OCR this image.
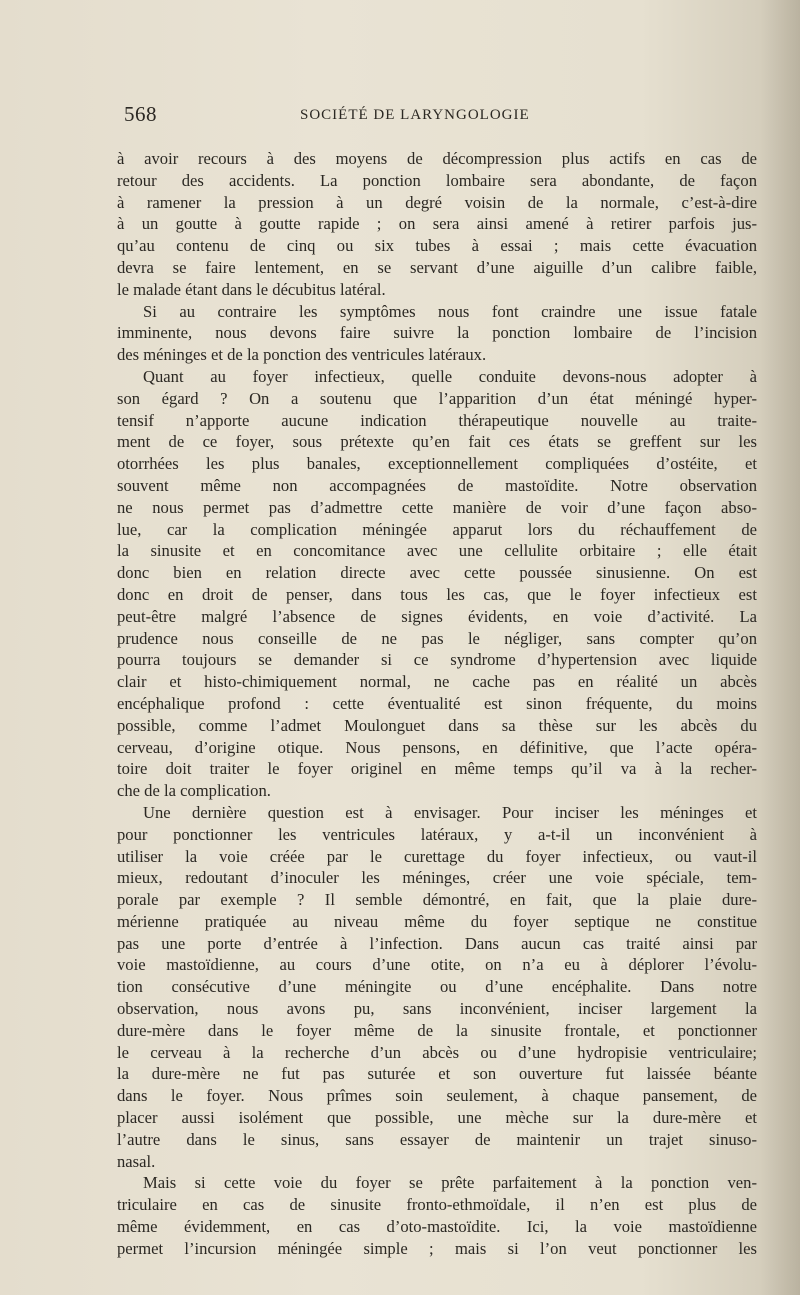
568	SOCIÉTÉ DE LARYNGOLOGIE
à avoir recours à des moyens de décompression plus actifs en cas de
retour des accidents. La ponction lombaire sera abondante, de façon
à ramener la pression à un degré voisin de la normale, c’est-à-dire
à un goutte à goutte rapide ; on sera ainsi amené à retirer parfois jus-
qu’au contenu de cinq ou six tubes à essai ; mais cette évacuation
devra se faire lentement, en se servant d’une aiguille d’un calibre faible,
le malade étant dans le décubitus latéral.
Si au contraire les symptômes nous font craindre une issue fatale
imminente, nous devons faire suivre la ponction lombaire de l’incision
des méninges et de la ponction des ventricules latéraux.
Quant au foyer infectieux, quelle conduite devons-nous adopter à
son égard ? On a soutenu que l’apparition d’un état méningé hyper-
tensif n’apporte aucune indication thérapeutique nouvelle au traite-
ment de ce foyer, sous prétexte qu’en fait ces états se greffent sur les
otorrhées les plus banales, exceptionnellement compliquées d’ostéite, et
souvent même non accompagnées de mastoïdite. Notre observation
ne nous permet pas d’admettre cette manière de voir d’une façon abso-
lue, car la complication méningée apparut lors du réchauffement de
la sinusite et en concomitance avec une cellulite orbitaire ; elle était
donc bien en relation directe avec cette poussée sinusienne. On est
donc en droit de penser, dans tous les cas, que le foyer infectieux est
peut-être malgré l’absence de signes évidents, en voie d’activité. La
prudence nous conseille de ne pas le négliger, sans compter qu’on
pourra toujours se demander si ce syndrome d’hypertension avec liquide
clair et histo-chimiquement normal, ne cache pas en réalité un abcès
encéphalique profond : cette éventualité est sinon fréquente, du moins
possible, comme l’admet Moulonguet dans sa thèse sur les abcès du
cerveau, d’origine otique. Nous pensons, en définitive, que l’acte opéra-
toire doit traiter le foyer originel en même temps qu’il va à la recher-
che de la complication.
Une dernière question est à envisager. Pour inciser les méninges et
pour ponctionner les ventricules latéraux, y a-t-il un inconvénient à
utiliser la voie créée par le curettage du foyer infectieux, ou vaut-il
mieux, redoutant d’inoculer les méninges, créer une voie spéciale, tem-
porale par exemple ? Il semble démontré, en fait, que la plaie dure-
mérienne pratiquée au niveau même du foyer septique ne constitue
pas une porte d’entrée à l’infection. Dans aucun cas traité ainsi par
voie mastoïdienne, au cours d’une otite, on n’a eu à déplorer l’évolu-
tion consécutive d’une méningite ou d’une encéphalite. Dans notre
observation, nous avons pu, sans inconvénient, inciser largement la
dure-mère dans le foyer même de la sinusite frontale, et ponctionner
le cerveau à la recherche d’un abcès ou d’une hydropisie ventriculaire;
la dure-mère ne fut pas suturée et son ouverture fut laissée béante
dans le foyer. Nous prîmes soin seulement, à chaque pansement, de
placer aussi isolément que possible, une mèche sur la dure-mère et
l’autre dans le sinus, sans essayer de maintenir un trajet sinuso-
nasal.
Mais si cette voie du foyer se prête parfaitement à la ponction ven-
triculaire en cas de sinusite fronto-ethmoïdale, il n’en est plus de
même évidemment, en cas d’oto-mastoïdite. Ici, la voie mastoïdienne
permet l’incursion méningée simple ; mais si l’on veut ponctionner les
